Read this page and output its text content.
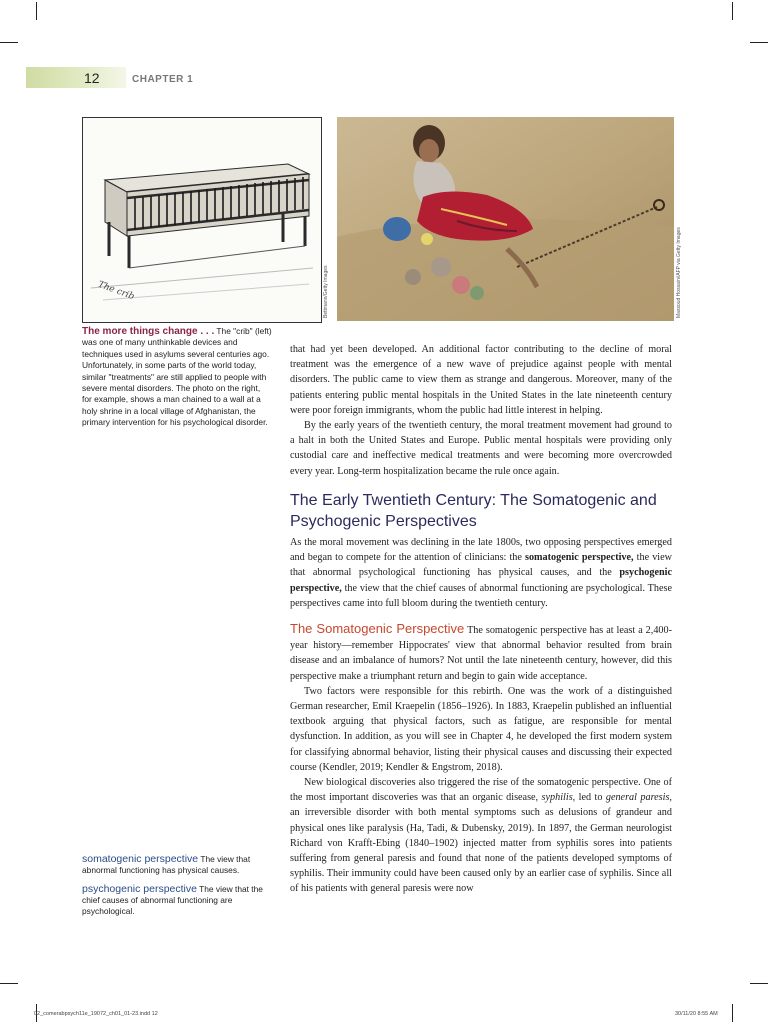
12	CHAPTER 1
The crib	Bettmann/Getty Images	Massoud Hossaini/AFP via Getty Images
The more things change . . . The "crib" (left) was one of many unthinkable devices and techniques used in asylums several centuries ago. Unfortunately, in some parts of the world today, similar "treatments" are still applied to people with severe mental disorders. The photo on the right, for example, shows a man chained to a wall at a holy shrine in a local village of Afghanistan, the primary intervention for his psychological disorder.

that had yet been developed. An additional factor contributing to the decline of moral treatment was the emergence of a new wave of prejudice against people with mental disorders. The public came to view them as strange and dangerous. Moreover, many of the patients entering public mental hospitals in the United States in the late nineteenth century were poor foreign immigrants, whom the public had little interest in helping.

By the early years of the twentieth century, the moral treatment movement had ground to a halt in both the United States and Europe. Public mental hospitals were providing only custodial care and ineffective medical treatments and were becoming more overcrowded every year. Long-term hospitalization became the rule once again.

The Early Twentieth Century: The Somatogenic and Psychogenic Perspectives

As the moral movement was declining in the late 1800s, two opposing perspectives emerged and began to compete for the attention of clinicians: the somatogenic perspective, the view that abnormal psychological functioning has physical causes, and the psychogenic perspective, the view that the chief causes of abnormal functioning are psychological. These perspectives came into full bloom during the twentieth century.

The Somatogenic Perspective The somatogenic perspective has at least a 2,400-year history—remember Hippocrates' view that abnormal behavior resulted from brain disease and an imbalance of humors? Not until the late nineteenth century, however, did this perspective make a triumphant return and begin to gain wide acceptance.

Two factors were responsible for this rebirth. One was the work of a distinguished German researcher, Emil Kraepelin (1856–1926). In 1883, Kraepelin published an influential textbook arguing that physical factors, such as fatigue, are responsible for mental dysfunction. In addition, as you will see in Chapter 4, he developed the first modern system for classifying abnormal behavior, listing their physical causes and discussing their expected course (Kendler, 2019; Kendler & Engstrom, 2018).

New biological discoveries also triggered the rise of the somatogenic perspective. One of the most important discoveries was that an organic disease, syphilis, led to general paresis, an irreversible disorder with both mental symptoms such as delusions of grandeur and physical ones like paralysis (Ha, Tadi, & Dubensky, 2019). In 1897, the German neurologist Richard von Krafft-Ebing (1840–1902) injected matter from syphilis sores into patients suffering from general paresis and found that none of the patients developed symptoms of syphilis. Their immunity could have been caused only by an earlier case of syphilis. Since all of his patients with general paresis were now

somatogenic perspective The view that abnormal functioning has physical causes.
psychogenic perspective The view that the chief causes of abnormal functioning are psychological.
02_comerabpsych11e_19072_ch01_01-23.indd 12	30/11/20 8:55 AM
